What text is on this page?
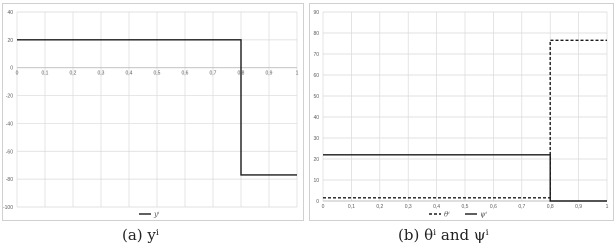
-100
-80
-60
-40
-20
0
20
40
0	0,1	0,2	0,3	0,4	0,5	0,6	0,7	0,8	0,9	1
yⁱ
0
10
20
30
40
50
60
70
80
90
0	0,1	0,2	0,3	0,4	0,5	0,6	0,7	0,8	0,9	1
θⁱ	ψⁱ
(a) yⁱ	(b) θⁱ and ψⁱ
